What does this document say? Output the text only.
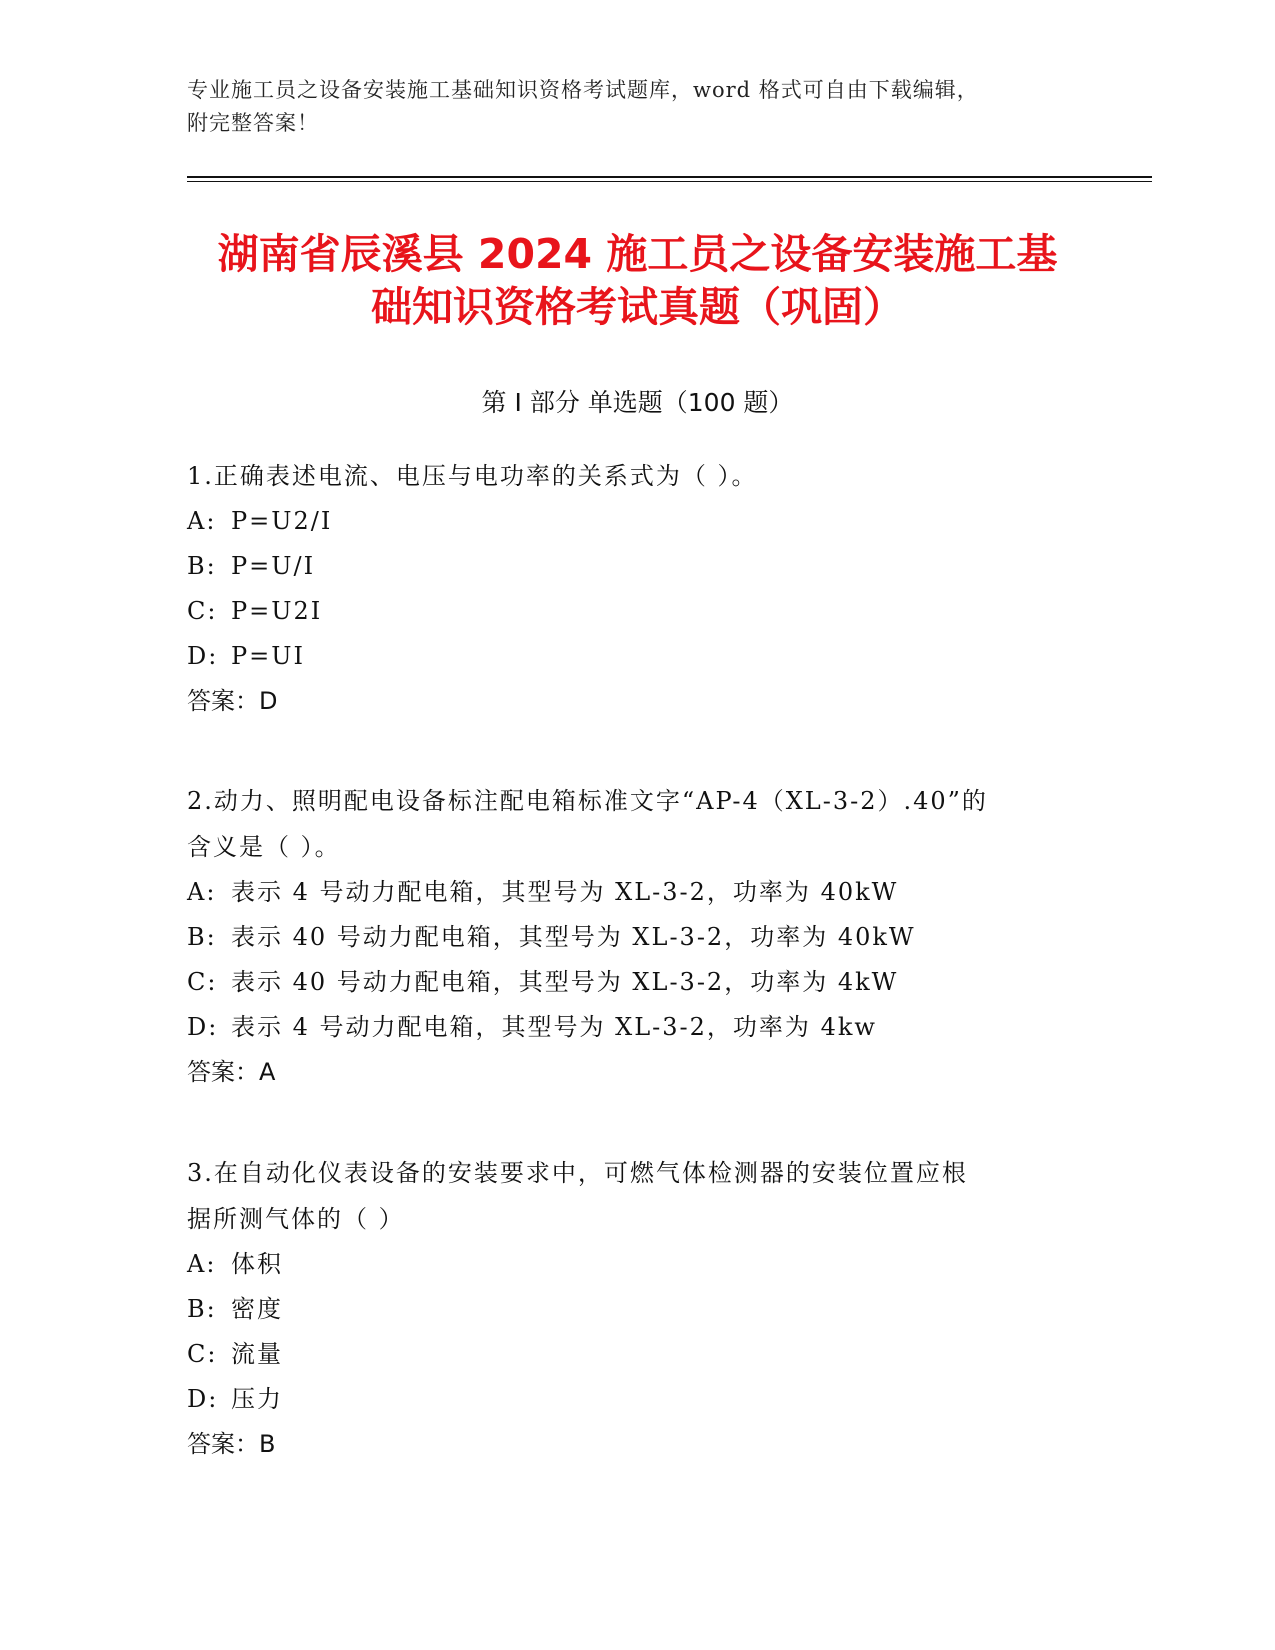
专业施工员之设备安装施工基础知识资格考试题库，word 格式可自由下载编辑，
附完整答案！
湖南省辰溪县 2024 施工员之设备安装施工基
础知识资格考试真题（巩固）
第 I 部分 单选题（100 题）

1.正确表述电流、电压与电功率的关系式为（ ）。

A: P=U2/I

B: P=U/I

C: P=U2I

D: P=UI

答案：D

2.动力、照明配电设备标注配电箱标准文字“AP-4（XL-3-2）.40”的

含义是（ ）。

A: 表示 4 号动力配电箱，其型号为 XL-3-2，功率为 40kW

B: 表示 40 号动力配电箱，其型号为 XL-3-2，功率为 40kW

C: 表示 40 号动力配电箱，其型号为 XL-3-2，功率为 4kW

D: 表示 4 号动力配电箱，其型号为 XL-3-2，功率为 4kw

答案：A

3.在自动化仪表设备的安装要求中，可燃气体检测器的安装位置应根

据所测气体的（ ）

A: 体积

B: 密度

C: 流量

D: 压力

答案：B
